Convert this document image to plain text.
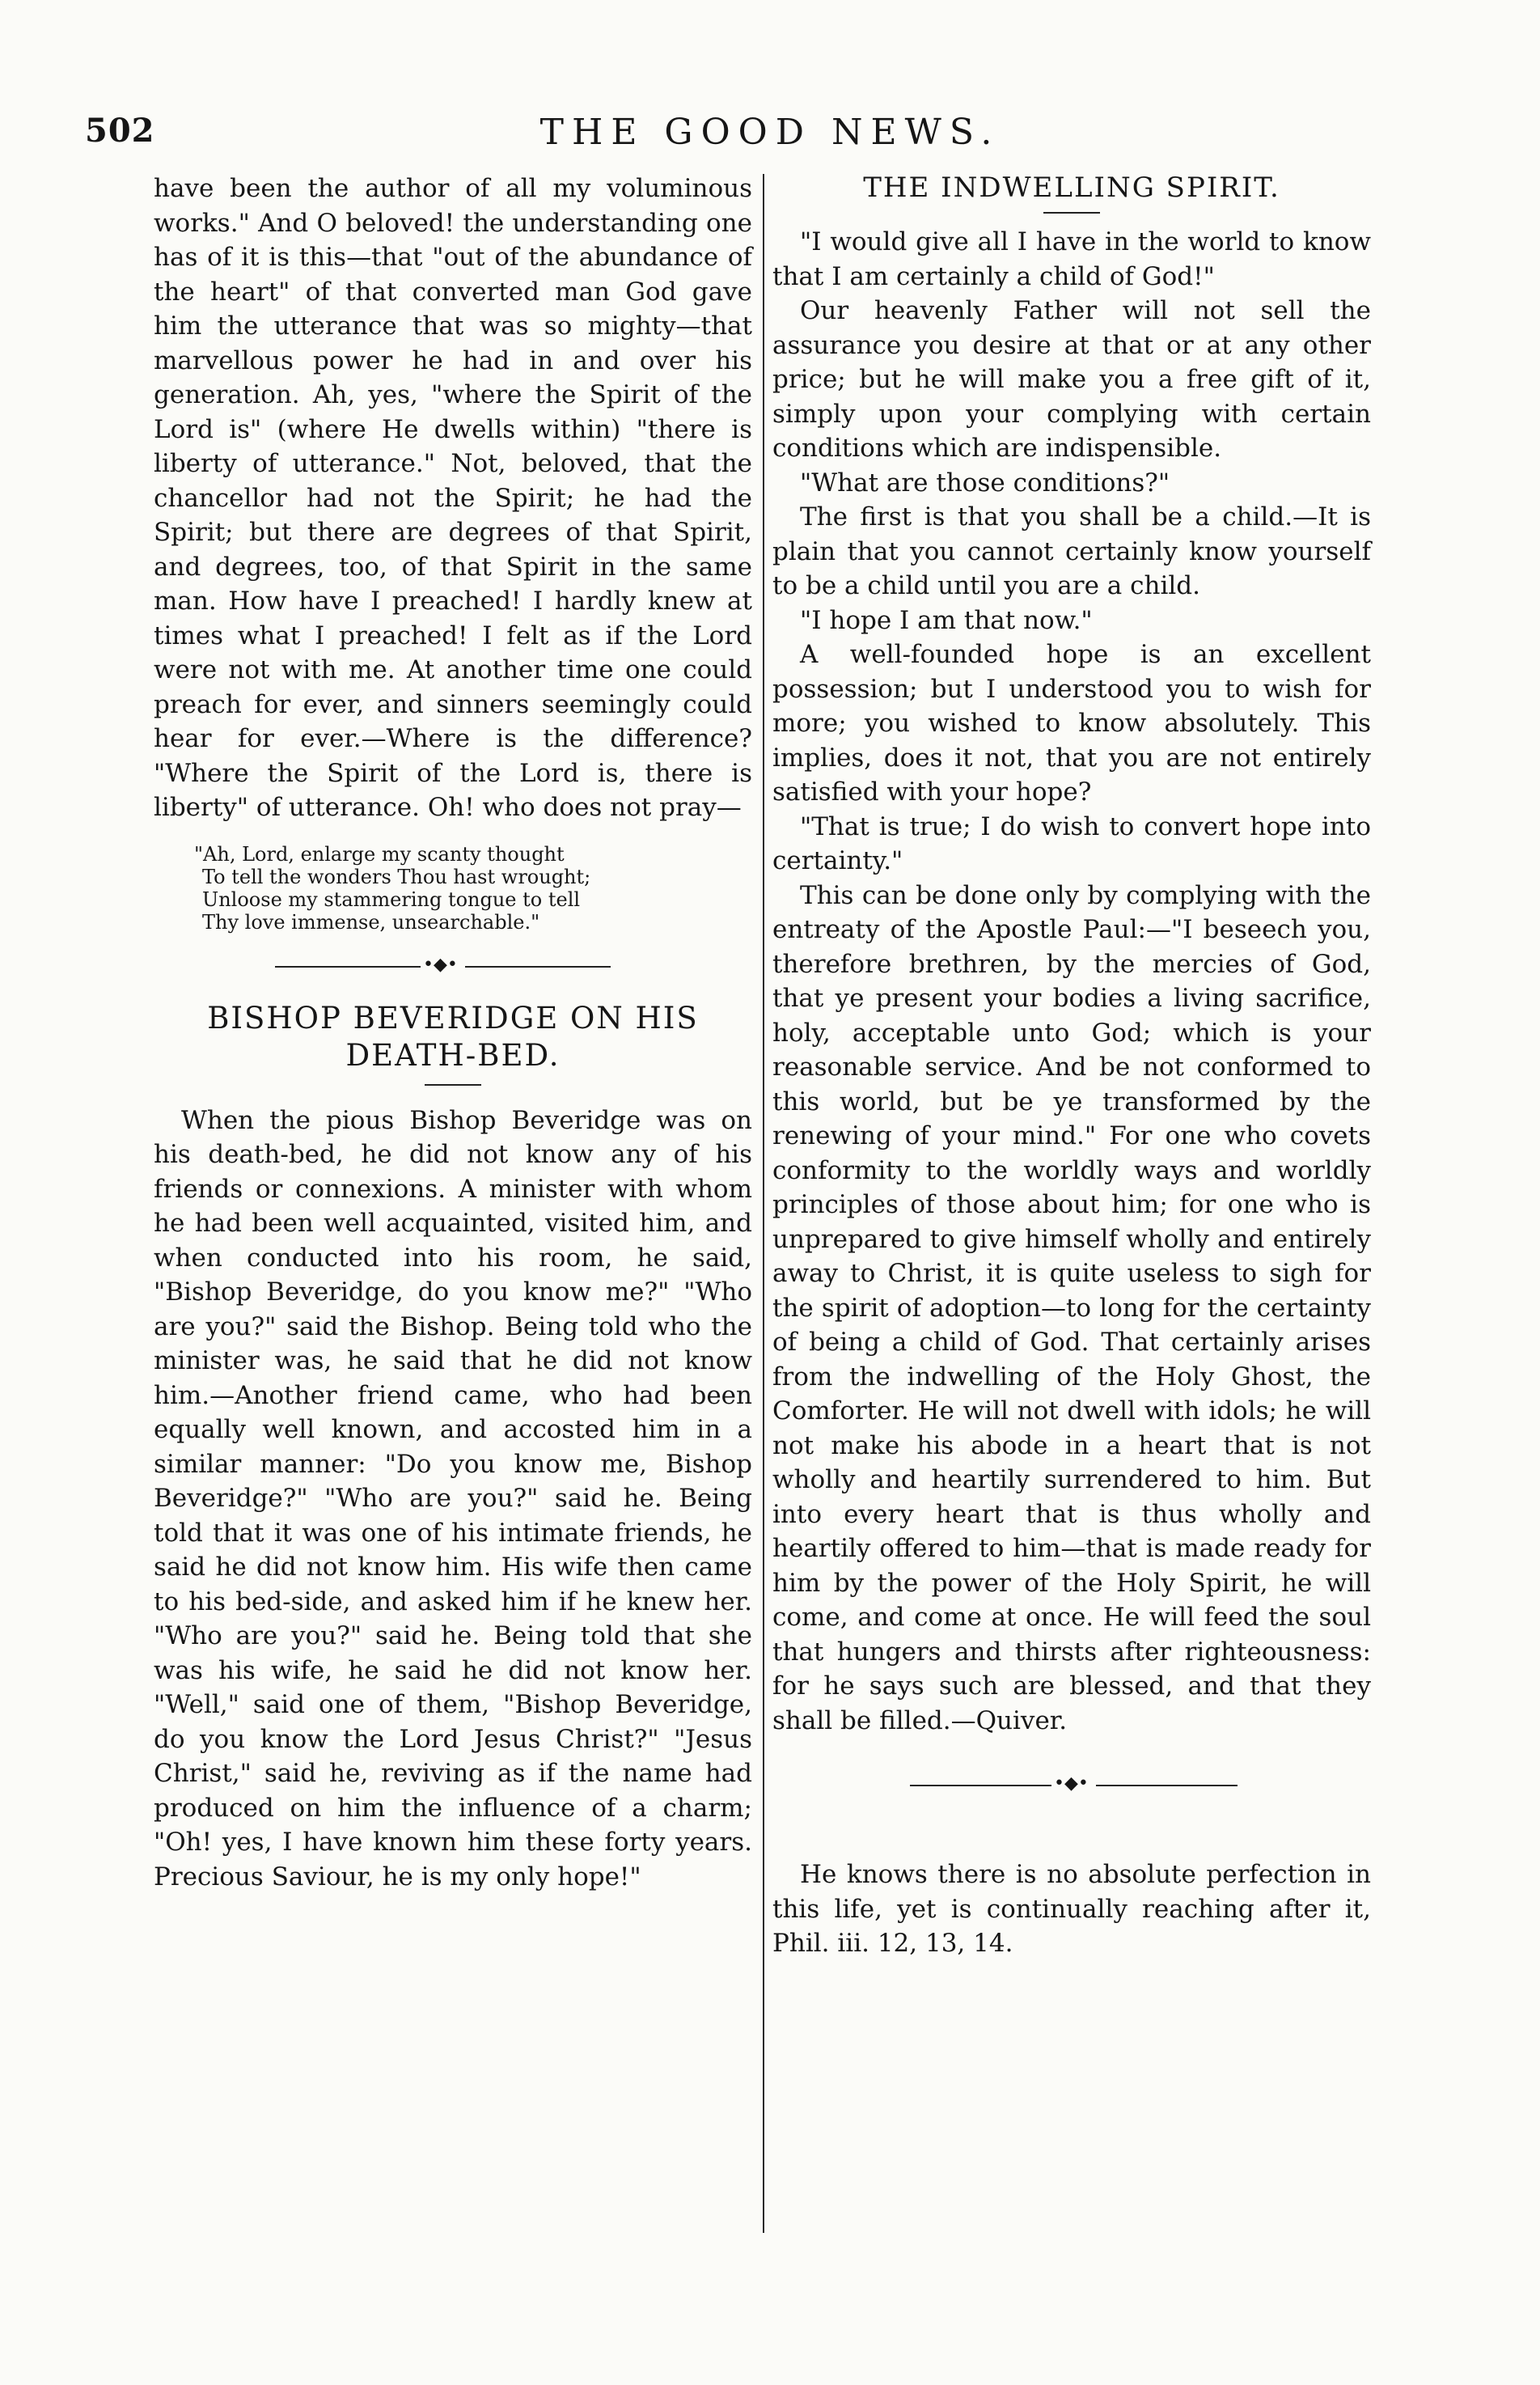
502	THE GOOD NEWS.

have been the author of all my voluminous works." And O beloved! the understanding one has of it is this—that "out of the abundance of the heart" of that converted man God gave him the utterance that was so mighty—that marvellous power he had in and over his generation. Ah, yes, "where the Spirit of the Lord is" (where He dwells within) "there is liberty of utterance." Not, beloved, that the chancellor had not the Spirit; he had the Spirit; but there are degrees of that Spirit, and degrees, too, of that Spirit in the same man. How have I preached! I hardly knew at times what I preached! I felt as if the Lord were not with me. At another time one could preach for ever, and sinners seemingly could hear for ever.—Where is the difference? "Where the Spirit of the Lord is, there is liberty" of utterance. Oh! who does not pray—

"Ah, Lord, enlarge my scanty thought
To tell the wonders Thou hast wrought;
Unloose my stammering tongue to tell
Thy love immense, unsearchable."
•◆•
BISHOP BEVERIDGE ON HIS
DEATH-BED.

When the pious Bishop Beveridge was on his death-bed, he did not know any of his friends or connexions. A minister with whom he had been well acquainted, visited him, and when conducted into his room, he said, "Bishop Beveridge, do you know me?" "Who are you?" said the Bishop. Being told who the minister was, he said that he did not know him.—Another friend came, who had been equally well known, and accosted him in a similar manner: "Do you know me, Bishop Beveridge?" "Who are you?" said he. Being told that it was one of his intimate friends, he said he did not know him. His wife then came to his bed-side, and asked him if he knew her. "Who are you?" said he. Being told that she was his wife, he said he did not know her. "Well," said one of them, "Bishop Beveridge, do you know the Lord Jesus Christ?" "Jesus Christ," said he, reviving as if the name had produced on him the influence of a charm; "Oh! yes, I have known him these forty years. Precious Saviour, he is my only hope!"

THE INDWELLING SPIRIT.

"I would give all I have in the world to know that I am certainly a child of God!"

Our heavenly Father will not sell the assurance you desire at that or at any other price; but he will make you a free gift of it, simply upon your complying with certain conditions which are indispensible.

"What are those conditions?"

The first is that you shall be a child.—It is plain that you cannot certainly know yourself to be a child until you are a child.

"I hope I am that now."

A well-founded hope is an excellent possession; but I understood you to wish for more; you wished to know absolutely. This implies, does it not, that you are not entirely satisfied with your hope?

"That is true; I do wish to convert hope into certainty."

This can be done only by complying with the entreaty of the Apostle Paul:—"I beseech you, therefore brethren, by the mercies of God, that ye present your bodies a living sacrifice, holy, acceptable unto God; which is your reasonable service. And be not conformed to this world, but be ye transformed by the renewing of your mind." For one who covets conformity to the worldly ways and worldly principles of those about him; for one who is unprepared to give himself wholly and entirely away to Christ, it is quite useless to sigh for the spirit of adoption—to long for the certainty of being a child of God. That certainly arises from the indwelling of the Holy Ghost, the Comforter. He will not dwell with idols; he will not make his abode in a heart that is not wholly and heartily surrendered to him. But into every heart that is thus wholly and heartily offered to him—that is made ready for him by the power of the Holy Spirit, he will come, and come at once. He will feed the soul that hungers and thirsts after righteousness: for he says such are blessed, and that they shall be filled.—Quiver.

•◆•

He knows there is no absolute perfection in this life, yet is continually reaching after it, Phil. iii. 12, 13, 14.
